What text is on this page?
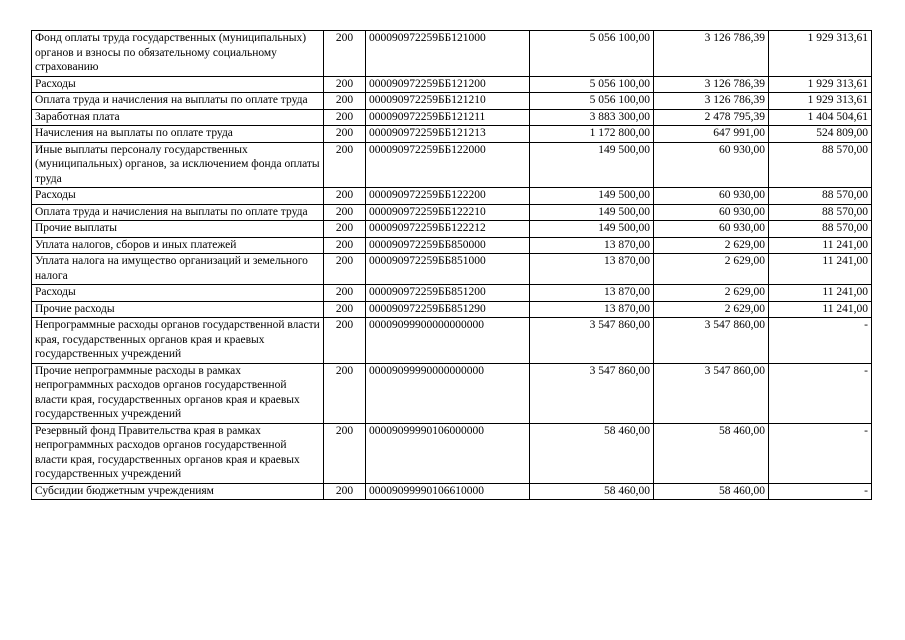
Фонд оплаты труда государственных (муниципальных) органов и взносы по обязательному социальному страхованию	200	000090972259ББ121000	5 056 100,00	3 126 786,39	1 929 313,61
Расходы	200	000090972259ББ121200	5 056 100,00	3 126 786,39	1 929 313,61
Оплата труда и начисления на выплаты по оплате труда	200	000090972259ББ121210	5 056 100,00	3 126 786,39	1 929 313,61
Заработная плата	200	000090972259ББ121211	3 883 300,00	2 478 795,39	1 404 504,61
Начисления на выплаты по оплате труда	200	000090972259ББ121213	1 172 800,00	647 991,00	524 809,00
Иные выплаты персоналу государственных (муниципальных) органов, за исключением фонда оплаты труда	200	000090972259ББ122000	149 500,00	60 930,00	88 570,00
Расходы	200	000090972259ББ122200	149 500,00	60 930,00	88 570,00
Оплата труда и начисления на выплаты по оплате труда	200	000090972259ББ122210	149 500,00	60 930,00	88 570,00
Прочие выплаты	200	000090972259ББ122212	149 500,00	60 930,00	88 570,00
Уплата налогов, сборов и иных платежей	200	000090972259ББ850000	13 870,00	2 629,00	11 241,00
Уплата налога на имущество организаций и земельного налога	200	000090972259ББ851000	13 870,00	2 629,00	11 241,00
Расходы	200	000090972259ББ851200	13 870,00	2 629,00	11 241,00
Прочие расходы	200	000090972259ББ851290	13 870,00	2 629,00	11 241,00
Непрограммные расходы органов государственной власти края, государственных органов края и краевых государственных учреждений	200	00009099900000000000	3 547 860,00	3 547 860,00	-
Прочие непрограммные расходы в рамках непрограммных расходов органов государственной власти края, государственных органов края и краевых государственных учреждений	200	00009099990000000000	3 547 860,00	3 547 860,00	-
Резервный фонд Правительства края в рамках непрограммных расходов органов государственной власти края, государственных органов края и краевых государственных учреждений	200	00009099990106000000	58 460,00	58 460,00	-
Субсидии бюджетным учреждениям	200	00009099990106610000	58 460,00	58 460,00	-
